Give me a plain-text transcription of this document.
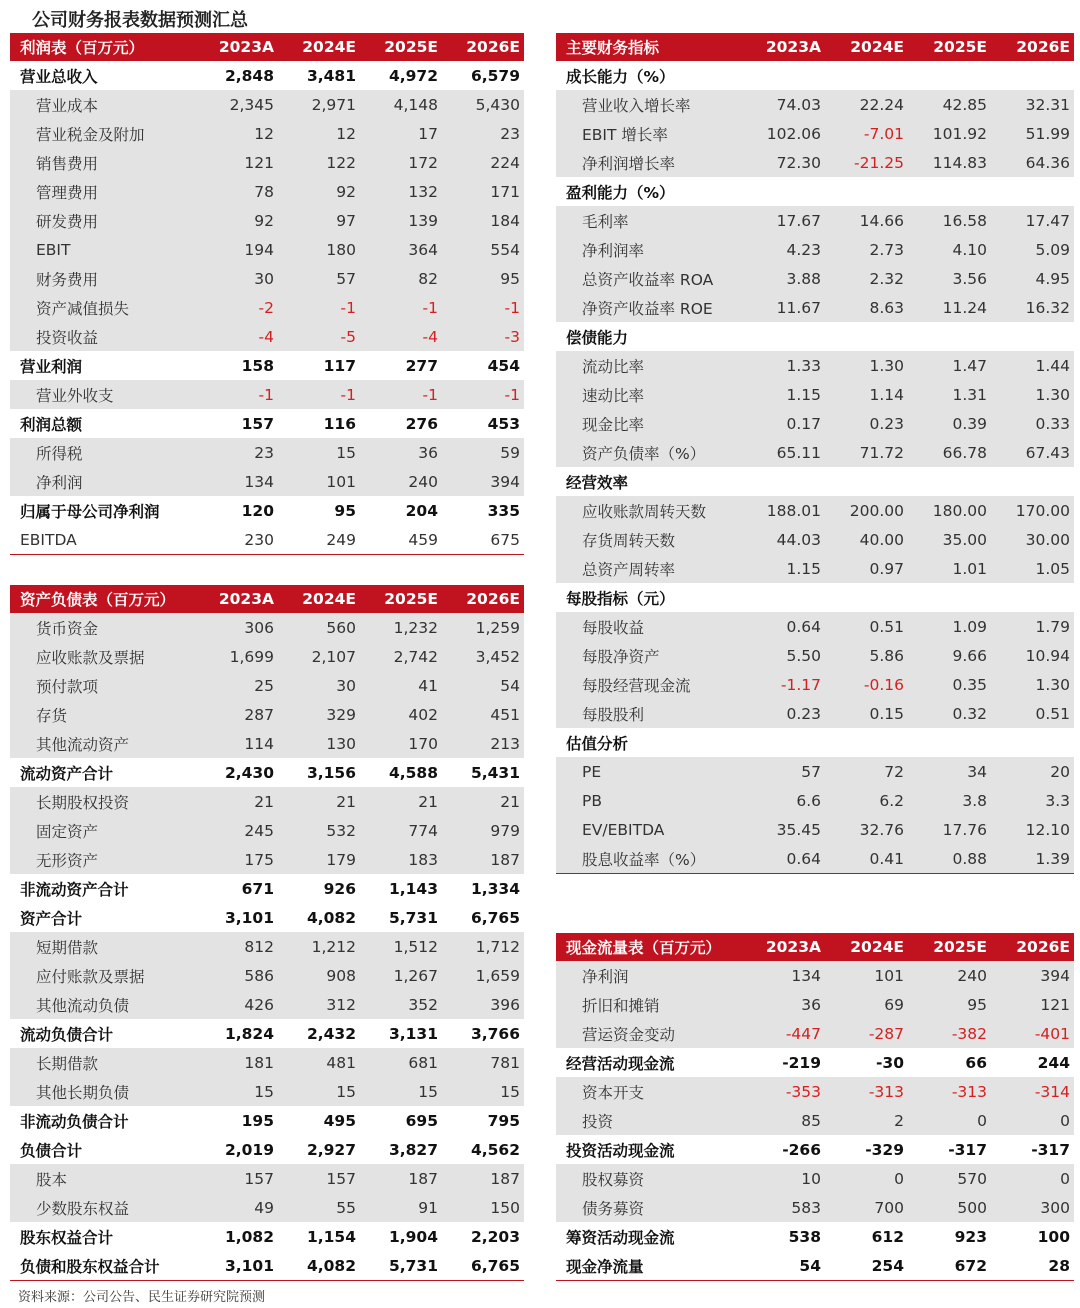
公司财务报表数据预测汇总
利润表（百万元）	2023A	2024E	2025E	2026E
营业总收入	2,848	3,481	4,972	6,579
营业成本	2,345	2,971	4,148	5,430
营业税金及附加	12	12	17	23
销售费用	121	122	172	224
管理费用	78	92	132	171
研发费用	92	97	139	184
EBIT	194	180	364	554
财务费用	30	57	82	95
资产减值损失	-2	-1	-1	-1
投资收益	-4	-5	-4	-3
营业利润	158	117	277	454
营业外收支	-1	-1	-1	-1
利润总额	157	116	276	453
所得税	23	15	36	59
净利润	134	101	240	394
归属于母公司净利润	120	95	204	335
EBITDA	230	249	459	675
资产负债表（百万元）	2023A	2024E	2025E	2026E
货币资金	306	560	1,232	1,259
应收账款及票据	1,699	2,107	2,742	3,452
预付款项	25	30	41	54
存货	287	329	402	451
其他流动资产	114	130	170	213
流动资产合计	2,430	3,156	4,588	5,431
长期股权投资	21	21	21	21
固定资产	245	532	774	979
无形资产	175	179	183	187
非流动资产合计	671	926	1,143	1,334
资产合计	3,101	4,082	5,731	6,765
短期借款	812	1,212	1,512	1,712
应付账款及票据	586	908	1,267	1,659
其他流动负债	426	312	352	396
流动负债合计	1,824	2,432	3,131	3,766
长期借款	181	481	681	781
其他长期负债	15	15	15	15
非流动负债合计	195	495	695	795
负债合计	2,019	2,927	3,827	4,562
股本	157	157	187	187
少数股东权益	49	55	91	150
股东权益合计	1,082	1,154	1,904	2,203
负债和股东权益合计	3,101	4,082	5,731	6,765
主要财务指标	2023A	2024E	2025E	2026E
成长能力（%）				
营业收入增长率	74.03	22.24	42.85	32.31
EBIT 增长率	102.06	-7.01	101.92	51.99
净利润增长率	72.30	-21.25	114.83	64.36
盈利能力（%）				
毛利率	17.67	14.66	16.58	17.47
净利润率	4.23	2.73	4.10	5.09
总资产收益率 ROA	3.88	2.32	3.56	4.95
净资产收益率 ROE	11.67	8.63	11.24	16.32
偿债能力				
流动比率	1.33	1.30	1.47	1.44
速动比率	1.15	1.14	1.31	1.30
现金比率	0.17	0.23	0.39	0.33
资产负债率（%）	65.11	71.72	66.78	67.43
经营效率				
应收账款周转天数	188.01	200.00	180.00	170.00
存货周转天数	44.03	40.00	35.00	30.00
总资产周转率	1.15	0.97	1.01	1.05
每股指标（元）				
每股收益	0.64	0.51	1.09	1.79
每股净资产	5.50	5.86	9.66	10.94
每股经营现金流	-1.17	-0.16	0.35	1.30
每股股利	0.23	0.15	0.32	0.51
估值分析				
PE	57	72	34	20
PB	6.6	6.2	3.8	3.3
EV/EBITDA	35.45	32.76	17.76	12.10
股息收益率（%）	0.64	0.41	0.88	1.39
现金流量表（百万元）	2023A	2024E	2025E	2026E
净利润	134	101	240	394
折旧和摊销	36	69	95	121
营运资金变动	-447	-287	-382	-401
经营活动现金流	-219	-30	66	244
资本开支	-353	-313	-313	-314
投资	85	2	0	0
投资活动现金流	-266	-329	-317	-317
股权募资	10	0	570	0
债务募资	583	700	500	300
筹资活动现金流	538	612	923	100
现金净流量	54	254	672	28
资料来源：公司公告、民生证券研究院预测
